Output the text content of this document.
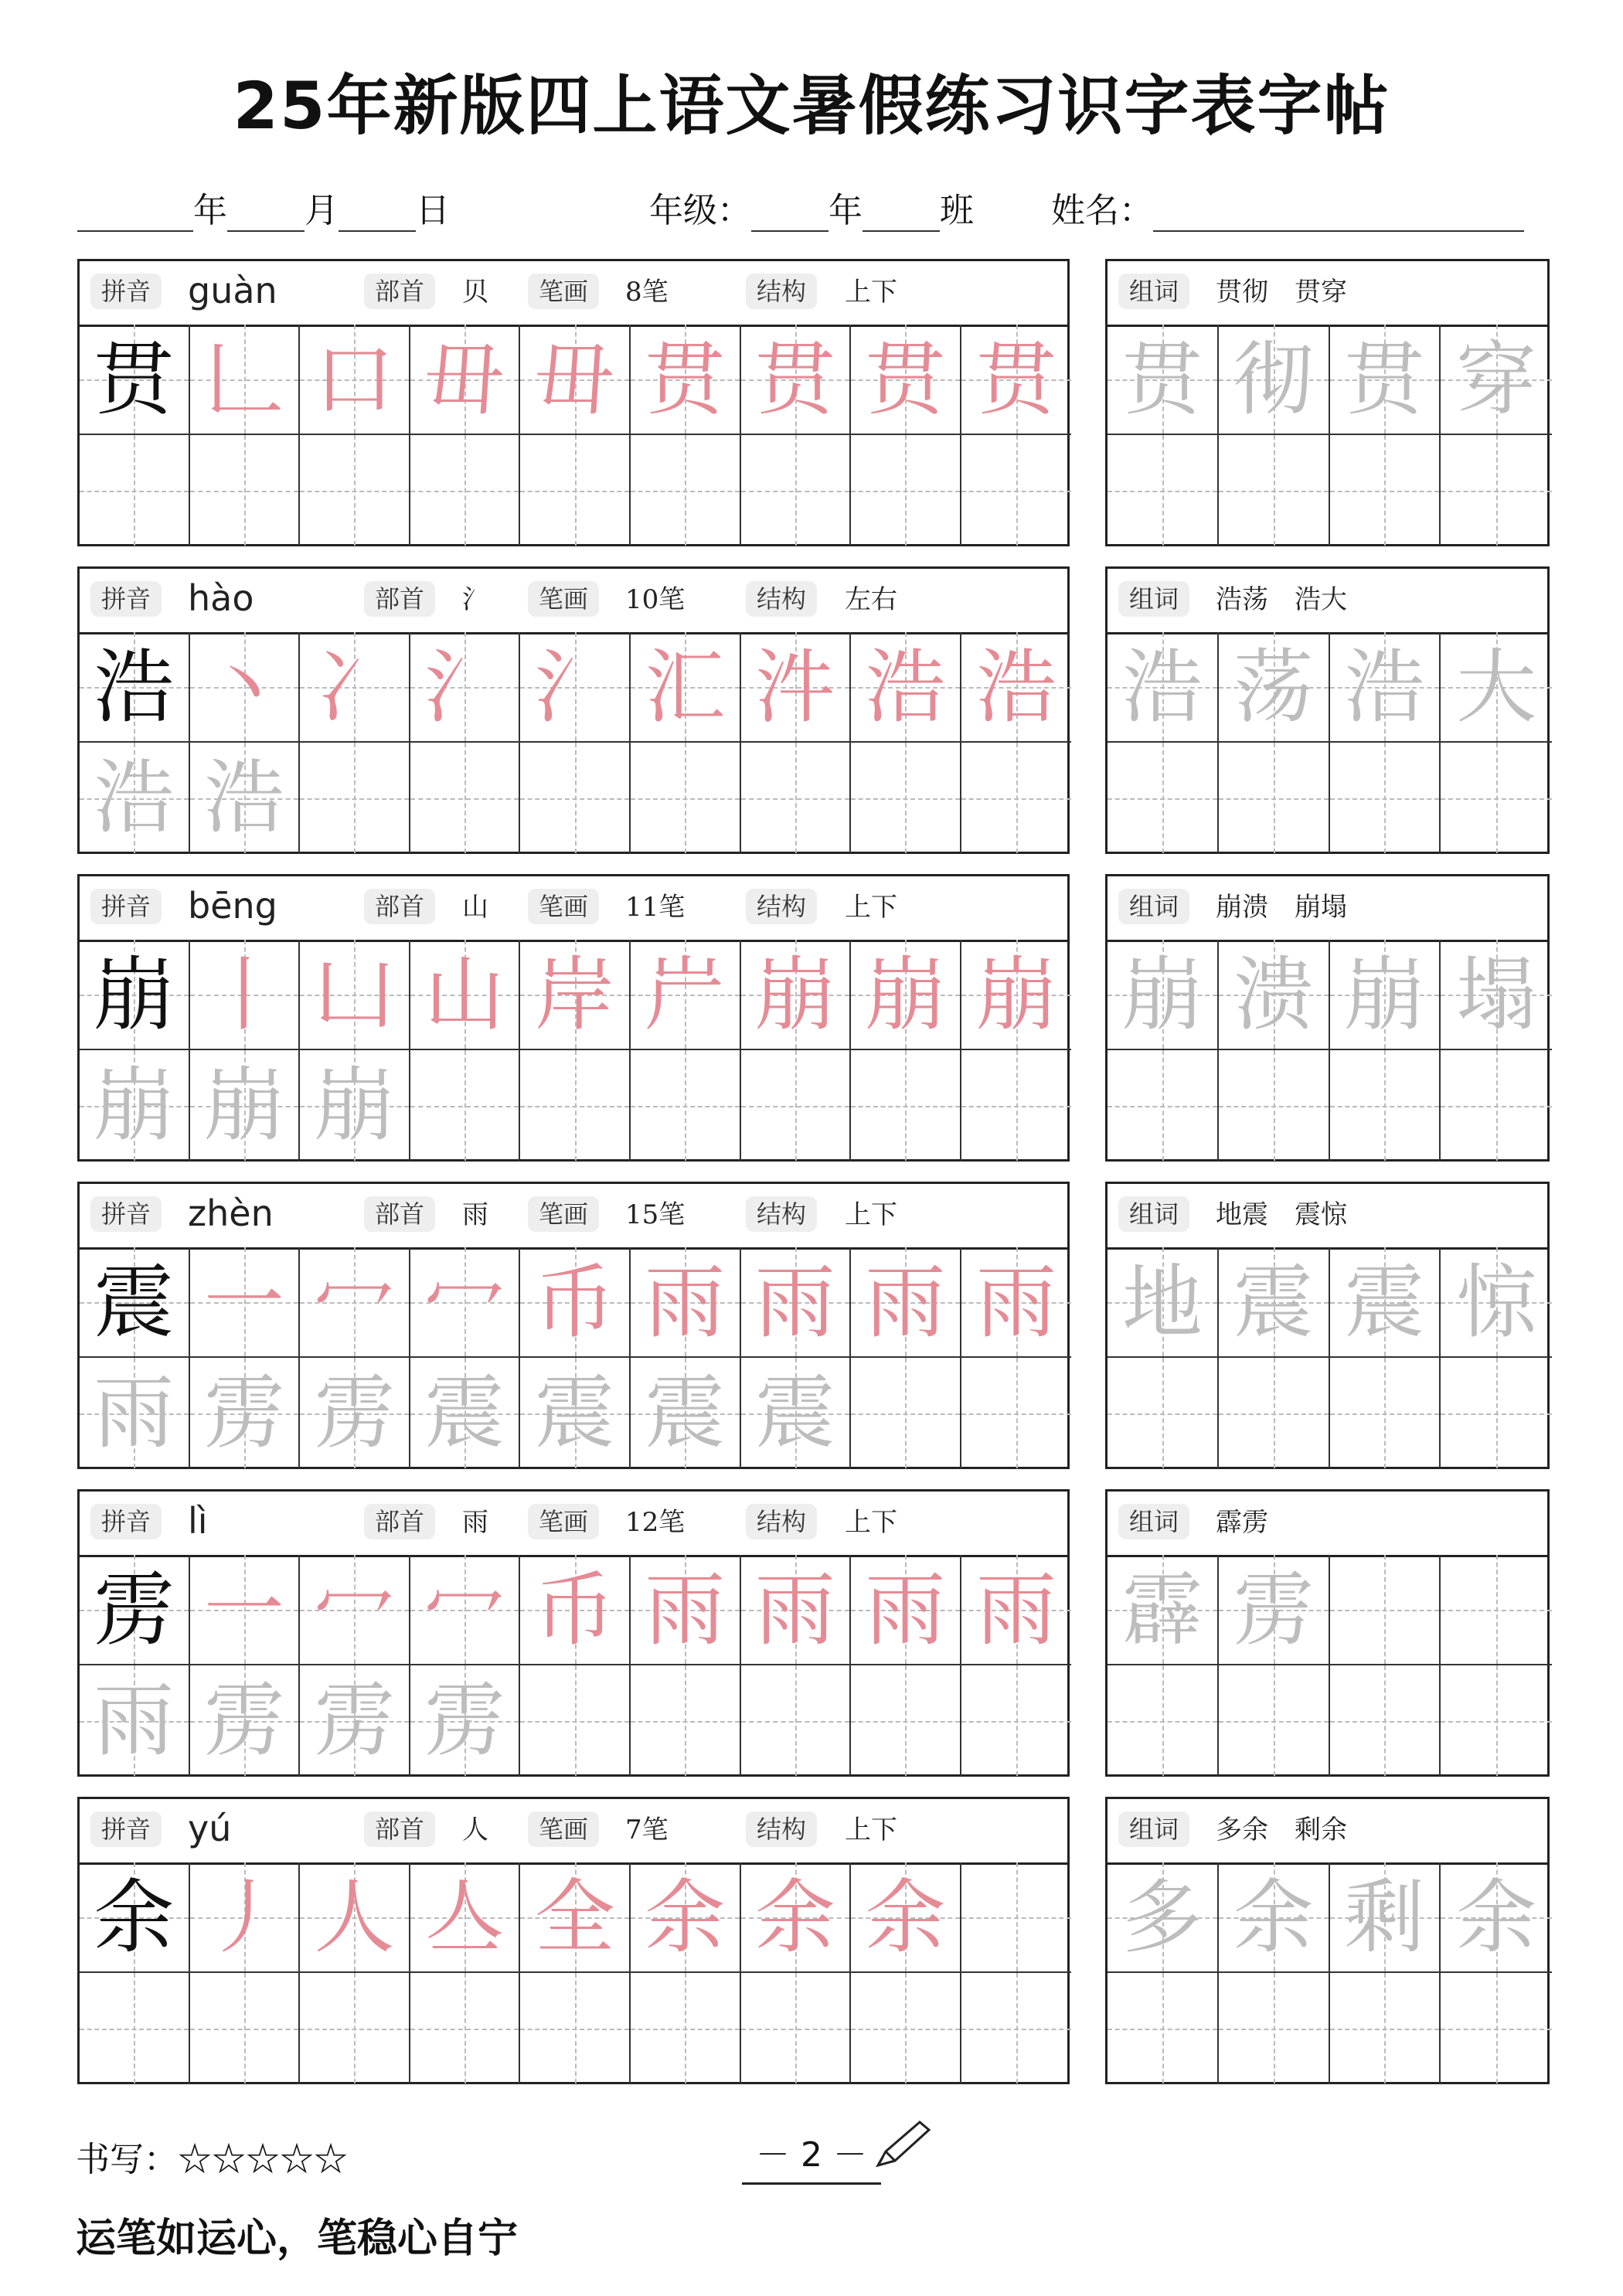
25年新版四上语文暑假练习识字表字帖
年 月 日	年级： 年 班 姓名：
拼音	guàn	部首	贝	笔画	8笔	结构	上下
贯 𠃊 口 毌 毌 贯 贯 贯 贯
组词	贯彻　贯穿
贯 彻 贯 穿
拼音	hào	部首	氵	笔画	10笔	结构	左右
浩 丶 冫 氵 氵 汇 汼 浩 浩
浩 浩
组词	浩荡　浩大
浩 荡 浩 大
拼音	bēng	部首	山	笔画	11笔	结构	上下
崩 丨 凵 山 岸 屵 崩 崩 崩
崩 崩 崩
组词	崩溃　崩塌
崩 溃 崩 塌
拼音	zhèn	部首	雨	笔画	15笔	结构	上下
震 一 冖 冖 币 雨 雨 雨 雨
雨 雳 雳 震 震 震 震
组词	地震　震惊
地 震 震 惊
拼音	lì	部首	雨	笔画	12笔	结构	上下
雳 一 冖 冖 币 雨 雨 雨 雨
雨 雳 雳 雳
组词	霹雳
霹 雳
拼音	yú	部首	人	笔画	7笔	结构	上下
余 丿 人 亼 全 余 余 余
组词	多余　剩余
多 余 剩 余
书写：☆☆☆☆☆	－ 2 －
运笔如运心，笔稳心自宁
